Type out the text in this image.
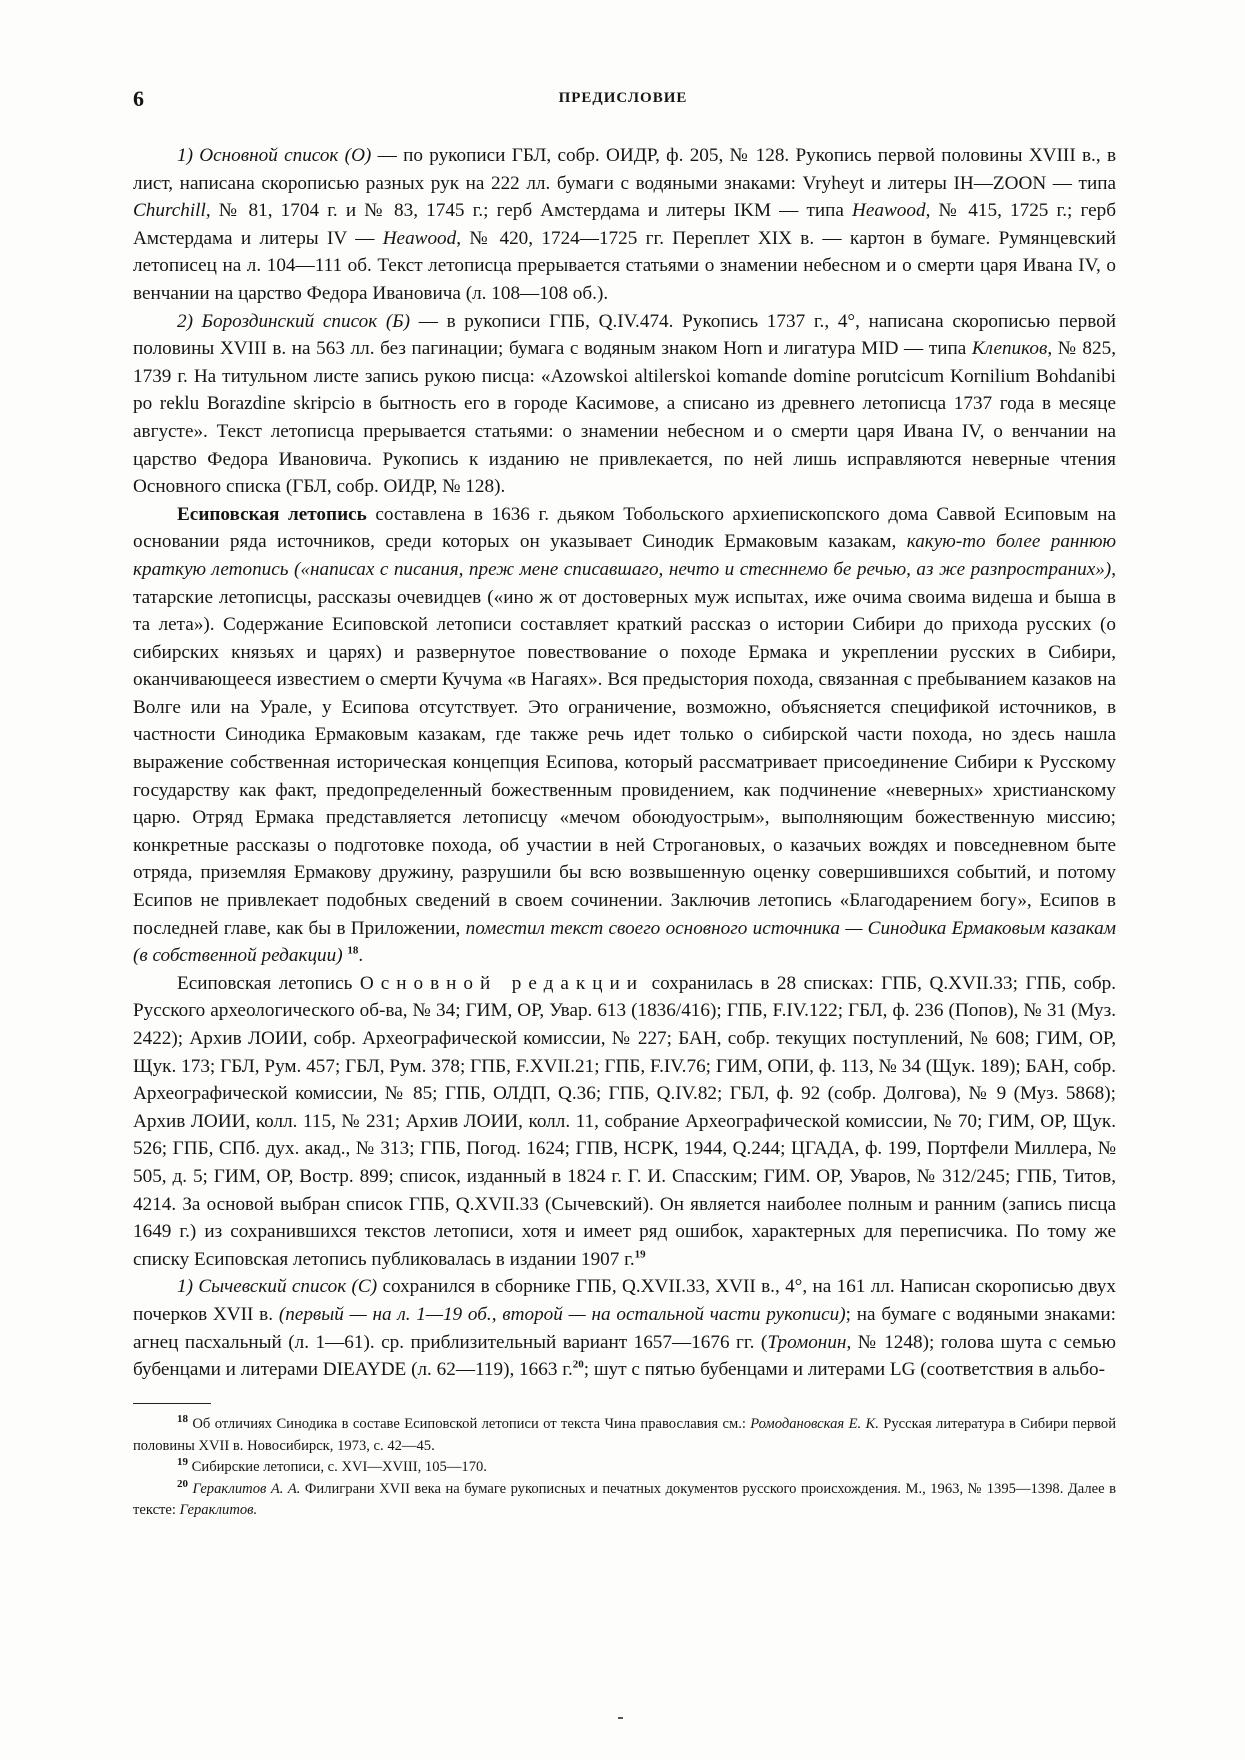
6	ПРЕДИСЛОВИЕ

1) Основной список (О) — по рукописи ГБЛ, собр. ОИДР, ф. 205, № 128. Рукопись первой половины XVIII в., в лист, написана скорописью разных рук на 222 лл. бумаги с водяными знаками: Vryheyt и литеры IH—ZOON — типа Churchill, № 81, 1704 г. и № 83, 1745 г.; герб Амстердама и литеры IKM — типа Heawood, № 415, 1725 г.; герб Амстердама и литеры IV — Heawood, № 420, 1724—1725 гг. Переплет XIX в. — картон в бумаге. Румянцевский летописец на л. 104—111 об. Текст летописца прерывается статьями о знамении небесном и о смерти царя Ивана IV, о венчании на царство Федора Ивановича (л. 108—108 об.).

2) Бороздинский список (Б) — в рукописи ГПБ, Q.IV.474. Рукопись 1737 г., 4°, написана скорописью первой половины XVIII в. на 563 лл. без пагинации; бумага с водяным знаком Horn и лигатура MID — типа Клепиков, № 825, 1739 г. На титульном листе запись рукою писца: «Azowskoi altilerskoi komande domine porutcicum Kornilium Bohdanibi po reklu Borazdine skripcio в бытность его в городе Касимове, а списано из древнего летописца 1737 года в месяце августе». Текст летописца прерывается статьями: о знамении небесном и о смерти царя Ивана IV, о венчании на царство Федора Ивановича. Рукопись к изданию не привлекается, по ней лишь исправляются неверные чтения Основного списка (ГБЛ, собр. ОИДР, № 128).

Есиповская летопись составлена в 1636 г. дьяком Тобольского архиепископского дома Саввой Есиповым на основании ряда источников, среди которых он указывает Синодик Ермаковым казакам, какую-то более раннюю краткую летопись («написах с писания, преж мене списавшаго, нечто и стесннемо бе речью, аз же разпространих»), татарские летописцы, рассказы очевидцев («ино ж от достоверных муж испытах, иже очима своима видеша и быша в та лета»). Содержание Есиповской летописи составляет краткий рассказ о истории Сибири до прихода русских (о сибирских князьях и царях) и развернутое повествование о походе Ермака и укреплении русских в Сибири, оканчивающееся известием о смерти Кучума «в Нагаях». Вся предыстория похода, связанная с пребыванием казаков на Волге или на Урале, у Есипова отсутствует. Это ограничение, возможно, объясняется спецификой источников, в частности Синодика Ермаковым казакам, где также речь идет только о сибирской части похода, но здесь нашла выражение собственная историческая концепция Есипова, который рассматривает присоединение Сибири к Русскому государству как факт, предопределенный божественным провидением, как подчинение «неверных» христианскому царю. Отряд Ермака представляется летописцу «мечом обоюдуострым», выполняющим божественную миссию; конкретные рассказы о подготовке похода, об участии в ней Строгановых, о казачьих вождях и повседневном быте отряда, приземляя Ермакову дружину, разрушили бы всю возвышенную оценку совершившихся событий, и потому Есипов не привлекает подобных сведений в своем сочинении. Заключив летопись «Благодарением богу», Есипов в последней главе, как бы в Приложении, поместил текст своего основного источника — Синодика Ермаковым казакам (в собственной редакции) $^{18}$.

Есиповская летопись Основной редакции сохранилась в 28 списках: ГПБ, Q.XVII.33; ГПБ, собр. Русского археологического об-ва, № 34; ГИМ, ОР, Увар. 613 (1836/416); ГПБ, F.IV.122; ГБЛ, ф. 236 (Попов), № 31 (Муз. 2422); Архив ЛОИИ, собр. Археографической комиссии, № 227; БАН, собр. текущих поступлений, № 608; ГИМ, ОР, Щук. 173; ГБЛ, Рум. 457; ГБЛ, Рум. 378; ГПБ, F.XVII.21; ГПБ, F.IV.76; ГИМ, ОПИ, ф. 113, № 34 (Щук. 189); БАН, собр. Археографической комиссии, № 85; ГПБ, ОЛДП, Q.36; ГПБ, Q.IV.82; ГБЛ, ф. 92 (собр. Долгова), № 9 (Муз. 5868); Архив ЛОИИ, колл. 115, № 231; Архив ЛОИИ, колл. 11, собрание Археографической комиссии, № 70; ГИМ, ОР, Щук. 526; ГПБ, СПб. дух. акад., № 313; ГПБ, Погод. 1624; ГПВ, НСРК, 1944, Q.244; ЦГАДА, ф. 199, Портфели Миллера, № 505, д. 5; ГИМ, ОР, Востр. 899; список, изданный в 1824 г. Г. И. Спасским; ГИМ. ОР, Уваров, № 312/245; ГПБ, Титов, 4214. За основой выбран список ГПБ, Q.XVII.33 (Сычевский). Он является наиболее полным и ранним (запись писца 1649 г.) из сохранившихся текстов летописи, хотя и имеет ряд ошибок, характерных для переписчика. По тому же списку Есиповская летопись публиковалась в издании 1907 г.$^{19}$

1) Сычевский список (С) сохранился в сборнике ГПБ, Q.XVII.33, XVII в., 4°, на 161 лл. Написан скорописью двух почерков XVII в. (первый — на л. 1—19 об., второй — на остальной части рукописи); на бумаге с водяными знаками: агнец пасхальный (л. 1—61). ср. приблизительный вариант 1657—1676 гг. (Тромонин, № 1248); голова шута с семью бубенцами и литерами DIEAYDE (л. 62—119), 1663 г.$^{20}$; шут с пятью бубенцами и литерами LG (соответствия в альбо-

$^{18}$ Об отличиях Синодика в составе Есиповской летописи от текста Чина православия см.: Ромодановская Е. К. Русская литература в Сибири первой половины XVII в. Новосибирск, 1973, с. 42—45.

$^{19}$ Сибирские летописи, с. XVI—XVIII, 105—170.

$^{20}$ Гераклитов А. А. Филиграни XVII века на бумаге рукописных и печатных документов русского происхождения. М., 1963, № 1395—1398. Далее в тексте: Гераклитов.
